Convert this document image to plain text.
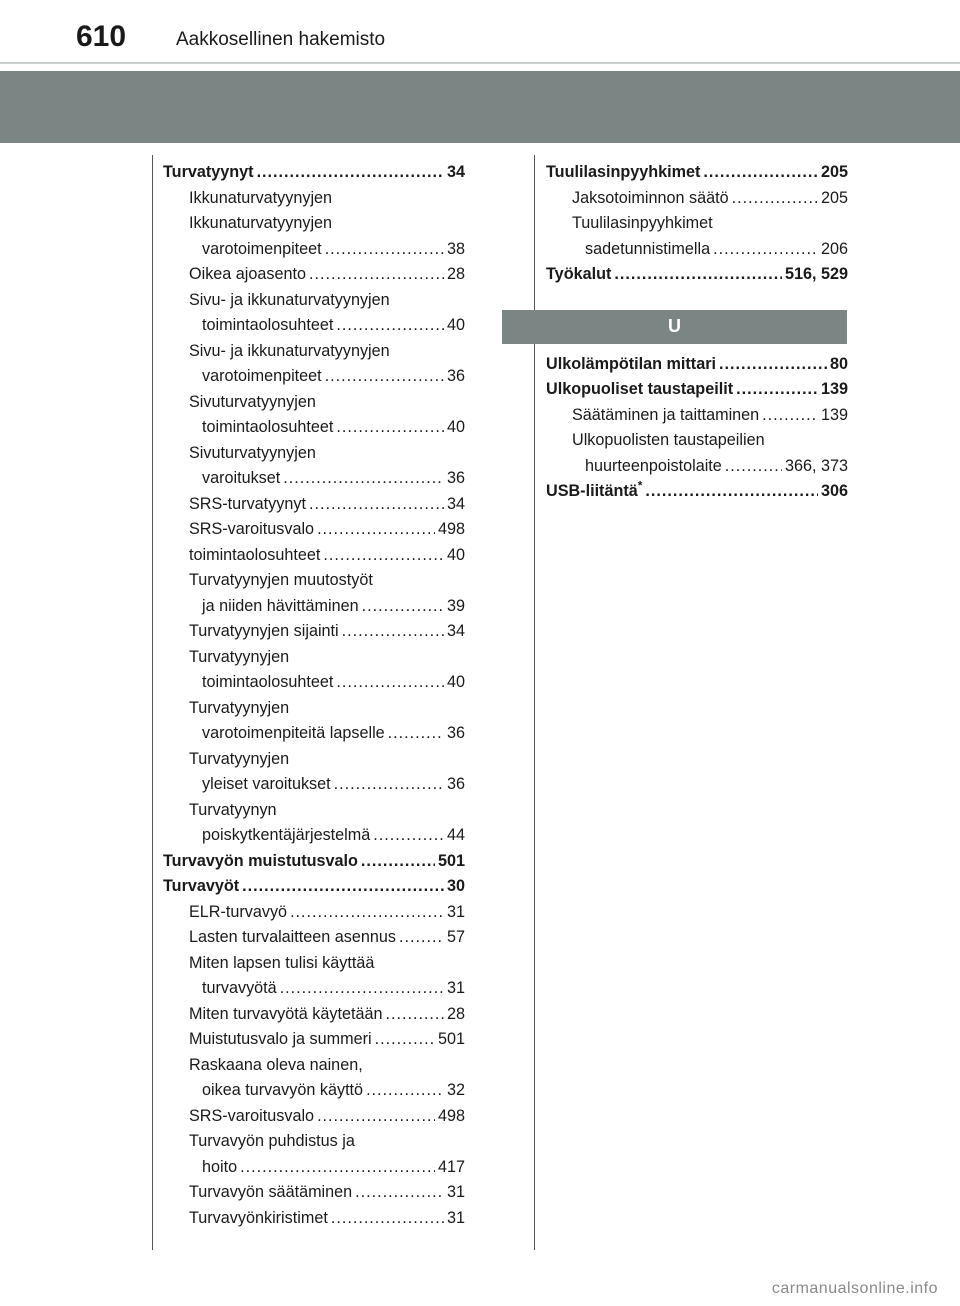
610	Aakkosellinen hakemisto
Turvatyynyt .....	34
Ikkunaturvatyynyjen
Ikkunaturvatyynyjen
varotoimenpiteet .....	38
Oikea ajoasento .....	28
Sivu- ja ikkunaturvatyynyjen
toimintaolosuhteet .....	40
Sivu- ja ikkunaturvatyynyjen
varotoimenpiteet .....	36
Sivuturvatyynyjen
toimintaolosuhteet .....	40
Sivuturvatyynyjen
varoitukset .....	36
SRS-turvatyynyt .....	34
SRS-varoitusvalo .....	498
toimintaolosuhteet .....	40
Turvatyynyjen muutostyöt
ja niiden hävittäminen .....	39
Turvatyynyjen sijainti .....	34
Turvatyynyjen
toimintaolosuhteet .....	40
Turvatyynyjen
varotoimenpiteitä lapselle .....	36
Turvatyynyjen
yleiset varoitukset .....	36
Turvatyynyn
poiskytkentäjärjestelmä .....	44
Turvavyön muistutusvalo .....	501
Turvavyöt .....	30
ELR-turvavyö .....	31
Lasten turvalaitteen asennus .....	57
Miten lapsen tulisi käyttää
turvavyötä .....	31
Miten turvavyötä käytetään .....	28
Muistutusvalo ja summeri .....	501
Raskaana oleva nainen,
oikea turvavyön käyttö .....	32
SRS-varoitusvalo .....	498
Turvavyön puhdistus ja
hoito .....	417
Turvavyön säätäminen .....	31
Turvavyönkiristimet .....	31
Tuulilasinpyyhkimet .....	205
Jaksotoiminnon säätö .....	205
Tuulilasinpyyhkimet
sadetunnistimella .....	206
Työkalut .....	516, 529
U
Ulkolämpötilan mittari .....	80
Ulkopuoliset taustapeilit .....	139
Säätäminen ja taittaminen .....	139
Ulkopuolisten taustapeilien
huurteenpoistolaite .....	366, 373
USB-liitäntä* .....	306
carmanualsonline.info
